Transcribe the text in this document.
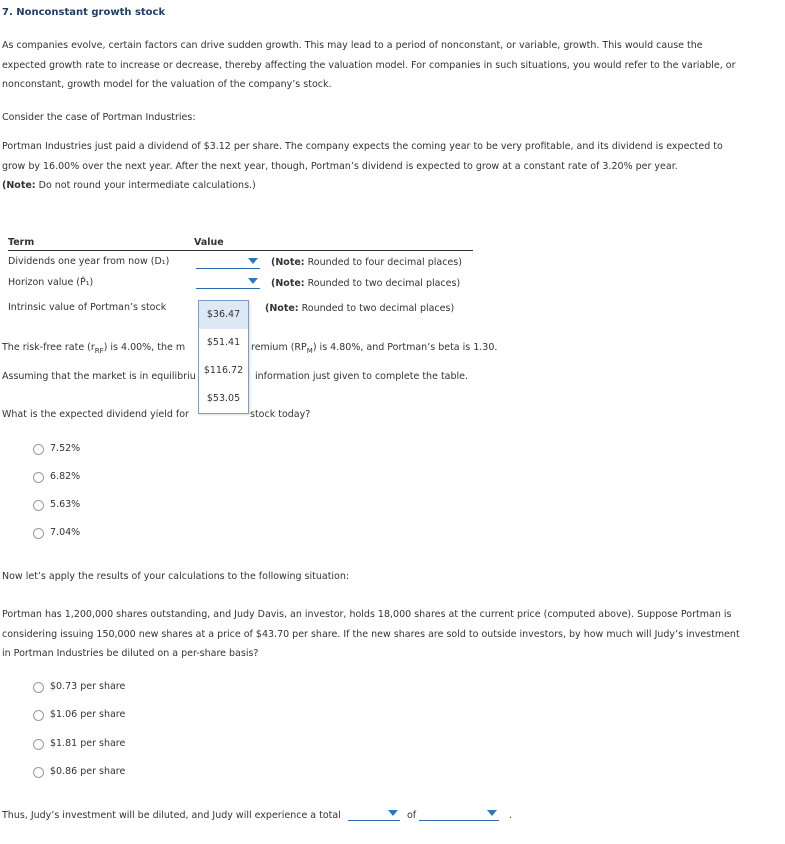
7. Nonconstant growth stock
As companies evolve, certain factors can drive sudden growth. This may lead to a period of nonconstant, or variable, growth. This would cause the expected growth rate to increase or decrease, thereby affecting the valuation model. For companies in such situations, you would refer to the variable, or nonconstant, growth model for the valuation of the company’s stock.
Consider the case of Portman Industries:
Portman Industries just paid a dividend of $3.12 per share. The company expects the coming year to be very profitable, and its dividend is expected to grow by 16.00% over the next year. After the next year, though, Portman’s dividend is expected to grow at a constant rate of 3.20% per year.
(Note: Do not round your intermediate calculations.)
Term	Value
Dividends one year from now (D₁)	(Note: Rounded to four decimal places)
Horizon value (P̂₁)	(Note: Rounded to two decimal places)
Intrinsic value of Portman’s stock	(Note: Rounded to two decimal places)
The risk-free rate $(r_{RF})$ is 4.00%, the m	remium $(RP_M)$ is 4.80%, and Portman’s beta is 1.30.
Assuming that the market is in equilibriu	information just given to complete the table.
What is the expected dividend yield for	stock today?
$36.47
$51.41
$116.72
$53.05
7.52%
6.82%
5.63%
7.04%
Now let’s apply the results of your calculations to the following situation:
Portman has 1,200,000 shares outstanding, and Judy Davis, an investor, holds 18,000 shares at the current price (computed above). Suppose Portman is considering issuing 150,000 new shares at a price of $43.70 per share. If the new shares are sold to outside investors, by how much will Judy’s investment in Portman Industries be diluted on a per-share basis?
$0.73 per share
$1.06 per share
$1.81 per share
$0.86 per share
Thus, Judy’s investment will be diluted, and Judy will experience a total	of	.
